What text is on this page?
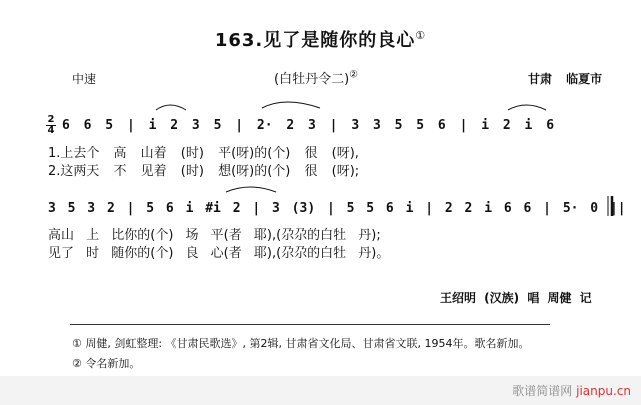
163.见了是随你的良心①
中速	(白牡丹令二)②	甘肃 临夏市
2
4 6 6 5 | i 2 3 5 | 2· 2 3 | 3 3 5 5 6 | i 2 i 6
1.上去个 高 山着 (时) 平(呀)的(个) 很 (呀),
2.这两天 不 见着 (时) 想(呀)的(个) 很 (呀);
3 5 3 2 | 5 6 i #i 2 | 3 (3) | 5 5 6 i | 2 2 i 6 6 | 5· 0 ||
高山 上 比你的(个) 场 平(者 耶),(尕尕的白牡 丹);
见了 时 随你的(个) 良 心(者 耶),(尕尕的白牡 丹)。
王绍明 (汉族) 唱 周健 记
① 周健, 剑虹整理: 《甘肃民歌选》, 第2辑, 甘肃省文化局、甘肃省文联, 1954年。歌名新加。
② 令名新加。
歌谱简谱网 jianpu.cn
